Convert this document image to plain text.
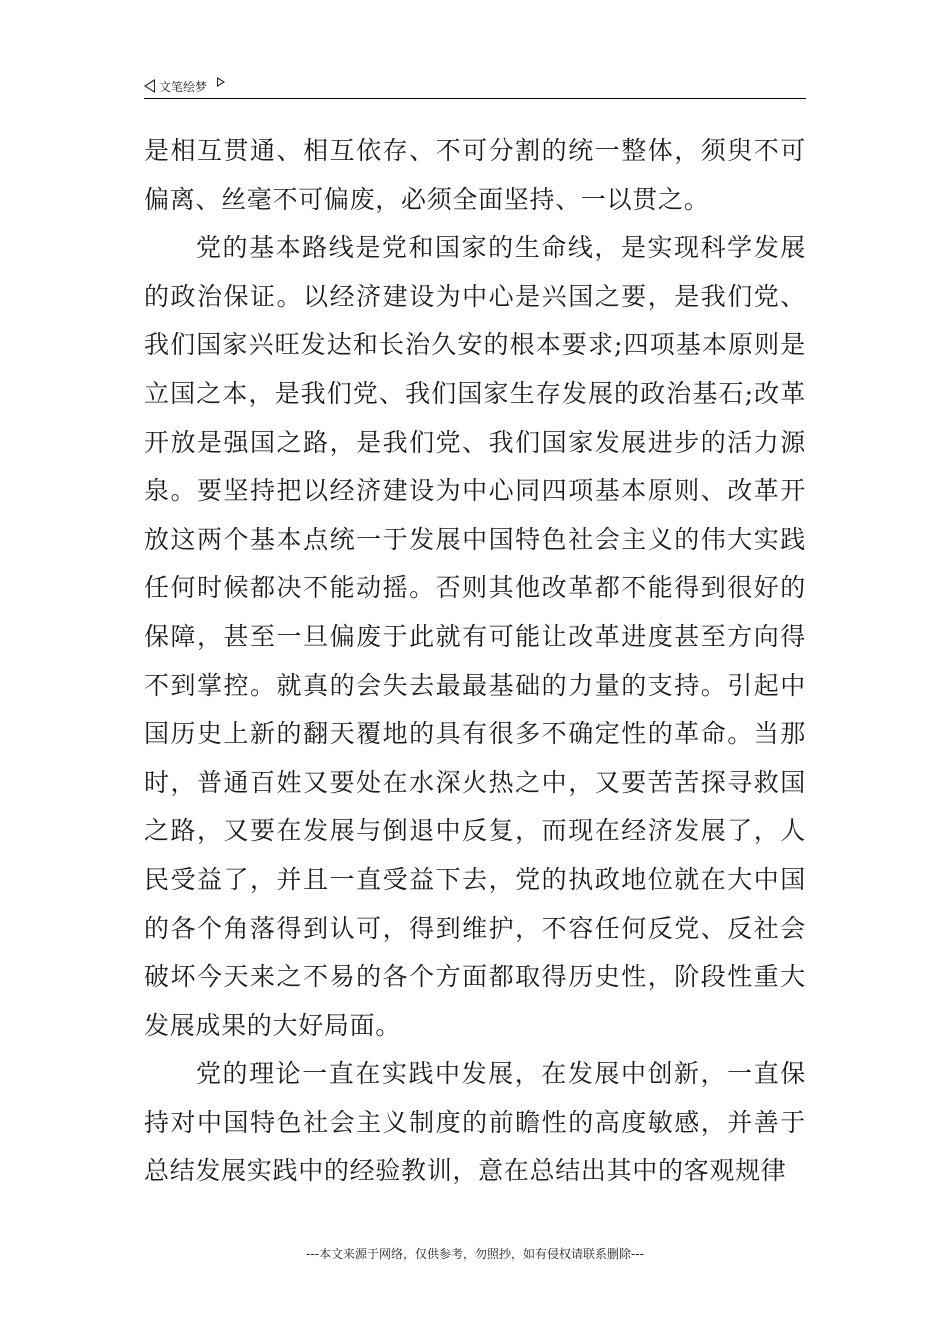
文笔绘梦

是相互贯通、相互依存、不可分割的统一整体，须臾不可偏离、丝毫不可偏废，必须全面坚持、一以贯之。

党的基本路线是党和国家的生命线，是实现科学发展的政治保证。以经济建设为中心是兴国之要，是我们党、我们国家兴旺发达和长治久安的根本要求;四项基本原则是立国之本，是我们党、我们国家生存发展的政治基石;改革开放是强国之路，是我们党、我们国家发展进步的活力源泉。要坚持把以经济建设为中心同四项基本原则、改革开放这两个基本点统一于发展中国特色社会主义的伟大实践任何时候都决不能动摇。否则其他改革都不能得到很好的保障，甚至一旦偏废于此就有可能让改革进度甚至方向得不到掌控。就真的会失去最最基础的力量的支持。引起中国历史上新的翻天覆地的具有很多不确定性的革命。当那时，普通百姓又要处在水深火热之中，又要苦苦探寻救国之路，又要在发展与倒退中反复，而现在经济发展了，人民受益了，并且一直受益下去，党的执政地位就在大中国的各个角落得到认可，得到维护，不容任何反党、反社会破坏今天来之不易的各个方面都取得历史性，阶段性重大发展成果的大好局面。

党的理论一直在实践中发展，在发展中创新，一直保持对中国特色社会主义制度的前瞻性的高度敏感，并善于总结发展实践中的经验教训，意在总结出其中的客观规律

---本文来源于网络，仅供参考，勿照抄，如有侵权请联系删除---
